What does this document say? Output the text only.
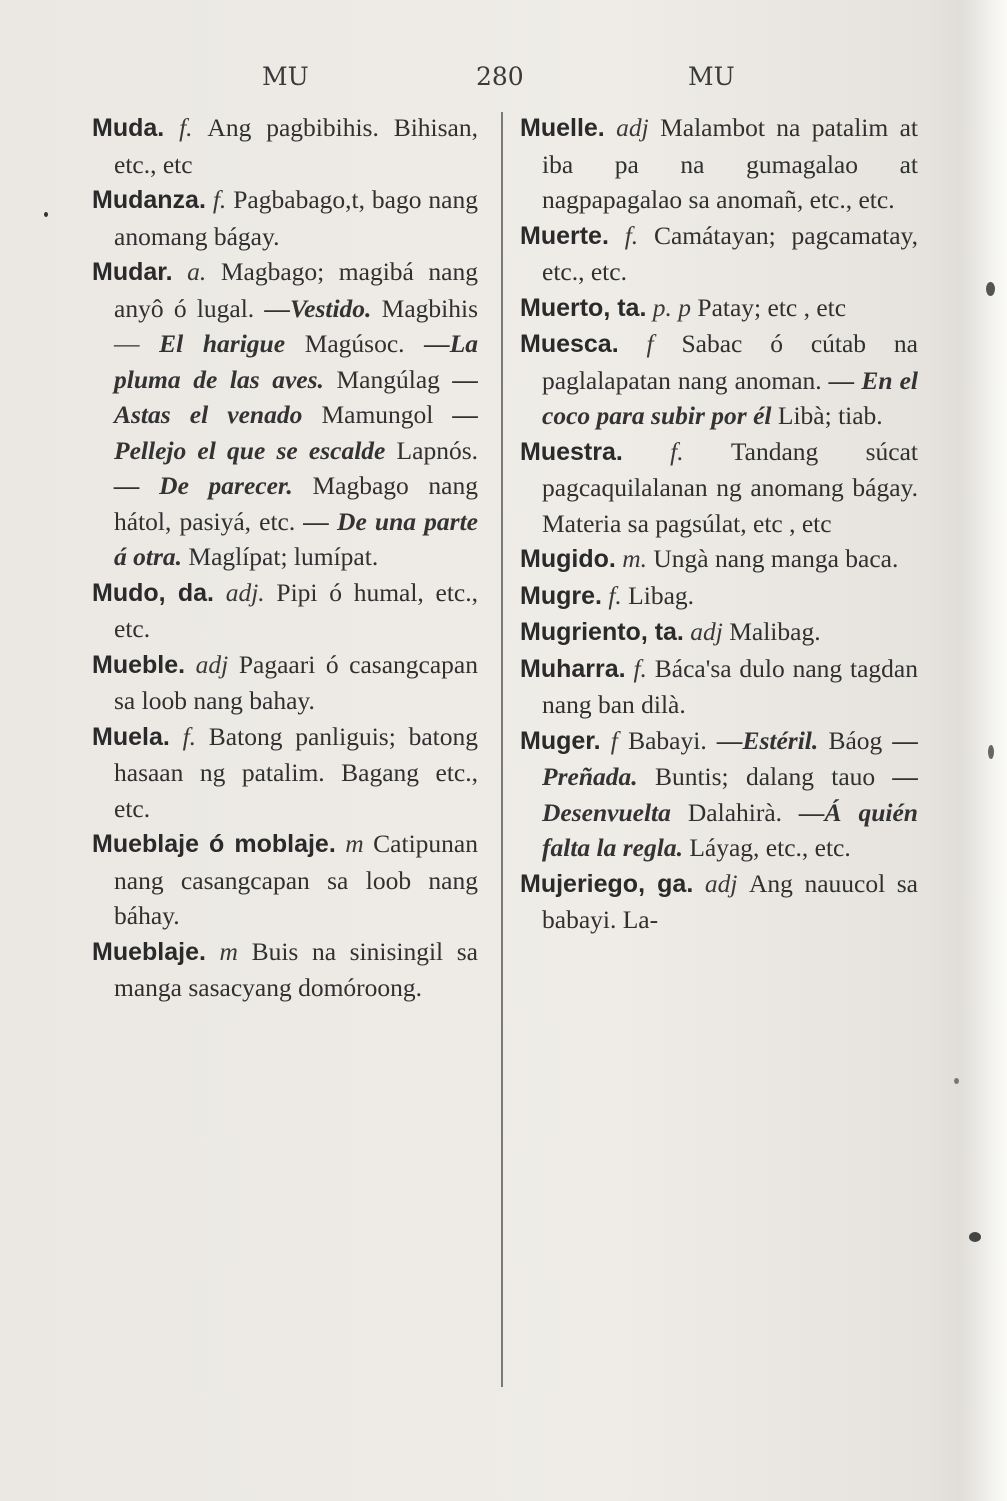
MU	280	MU

Muda. f. Ang pagbibihis. Bihisan, etc., etc

Mudanza. f. Pagbabago,t, bago nang anomang bágay.

Mudar. a. Magbago; magibá nang anyô ó lugal. —Vestido. Magbihis — El harigue Magúsoc. —La pluma de las aves. Mangúlag — Astas el venado Mamungol — Pellejo el que se escalde Lapnós. — De parecer. Magbago nang hátol, pasiyá, etc. — De una parte á otra. Maglípat; lumípat.

Mudo, da. adj. Pipi ó humal, etc., etc.

Mueble. adj Pagaari ó casangcapan sa loob nang bahay.

Muela. f. Batong panliguis; batong hasaan ng patalim. Bagang etc., etc.

Mueblaje ó moblaje. m Catipunan nang casangcapan sa loob nang báhay.

Mueblaje. m Buis na sinisingil sa manga sasacyang domóroong.

Muelle. adj Malambot na patalim at iba pa na gumagalao at nagpapagalao sa anomañ, etc., etc.

Muerte. f. Camátayan; pagcamatay, etc., etc.

Muerto, ta. p. p Patay; etc , etc

Muesca. f Sabac ó cútab na paglalapatan nang anoman. — En el coco para subir por él Libà; tiab.

Muestra. f. Tandang súcat pagcaquilalanan ng anomang bágay. Materia sa pagsúlat, etc , etc

Mugido. m. Ungà nang manga baca.

Mugre. f. Libag.

Mugriento, ta. adj Malibag.

Muharra. f. Báca'sa dulo nang tagdan nang ban dilà.

Muger. f Babayi. —Estéril. Báog — Preñada. Buntis; dalang tauo — Desenvuelta Dalahirà. —Á quién falta la regla. Láyag, etc., etc.

Mujeriego, ga. adj Ang nauucol sa babayi. La-
